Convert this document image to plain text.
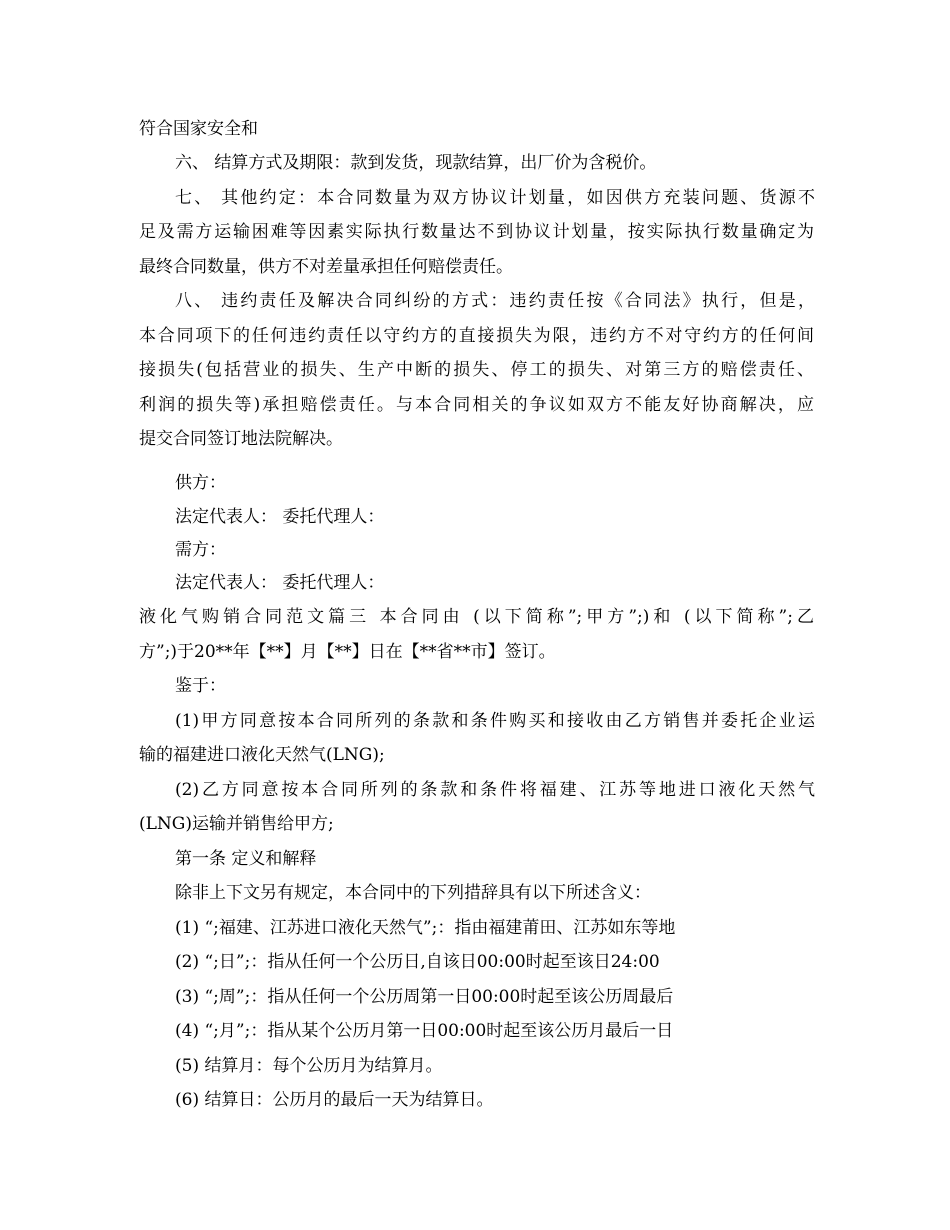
符合国家安全和
六、 结算方式及期限：款到发货，现款结算，出厂价为含税价。
七、 其他约定：本合同数量为双方协议计划量，如因供方充装问题、货源不
足及需方运输困难等因素实际执行数量达不到协议计划量，按实际执行数量确定为
最终合同数量，供方不对差量承担任何赔偿责任。
八、 违约责任及解决合同纠纷的方式：违约责任按《合同法》执行，但是，
本合同项下的任何违约责任以守约方的直接损失为限，违约方不对守约方的任何间
接损失(包括营业的损失、生产中断的损失、停工的损失、对第三方的赔偿责任、
利润的损失等)承担赔偿责任。与本合同相关的争议如双方不能友好协商解决，应
提交合同签订地法院解决。
供方：
法定代表人： 委托代理人：
需方：
法定代表人： 委托代理人：
液化气购销合同范文篇三 本合同由 (以下简称”;甲方”;)和 (以下简称”;乙
方”;)于20**年【**】月【**】日在【**省**市】签订。
鉴于：
(1)甲方同意按本合同所列的条款和条件购买和接收由乙方销售并委托企业运
输的福建进口液化天然气(LNG);
(2)乙方同意按本合同所列的条款和条件将福建、江苏等地进口液化天然气
(LNG)运输并销售给甲方;
第一条 定义和解释
除非上下文另有规定，本合同中的下列措辞具有以下所述含义：
(1) “;福建、江苏进口液化天然气”;：指由福建莆田、江苏如东等地
(2) “;日”;：指从任何一个公历日,自该日00:00时起至该日24:00
(3) “;周”;：指从任何一个公历周第一日00:00时起至该公历周最后
(4) “;月”;：指从某个公历月第一日00:00时起至该公历月最后一日
(5) 结算月：每个公历月为结算月。
(6) 结算日：公历月的最后一天为结算日。
